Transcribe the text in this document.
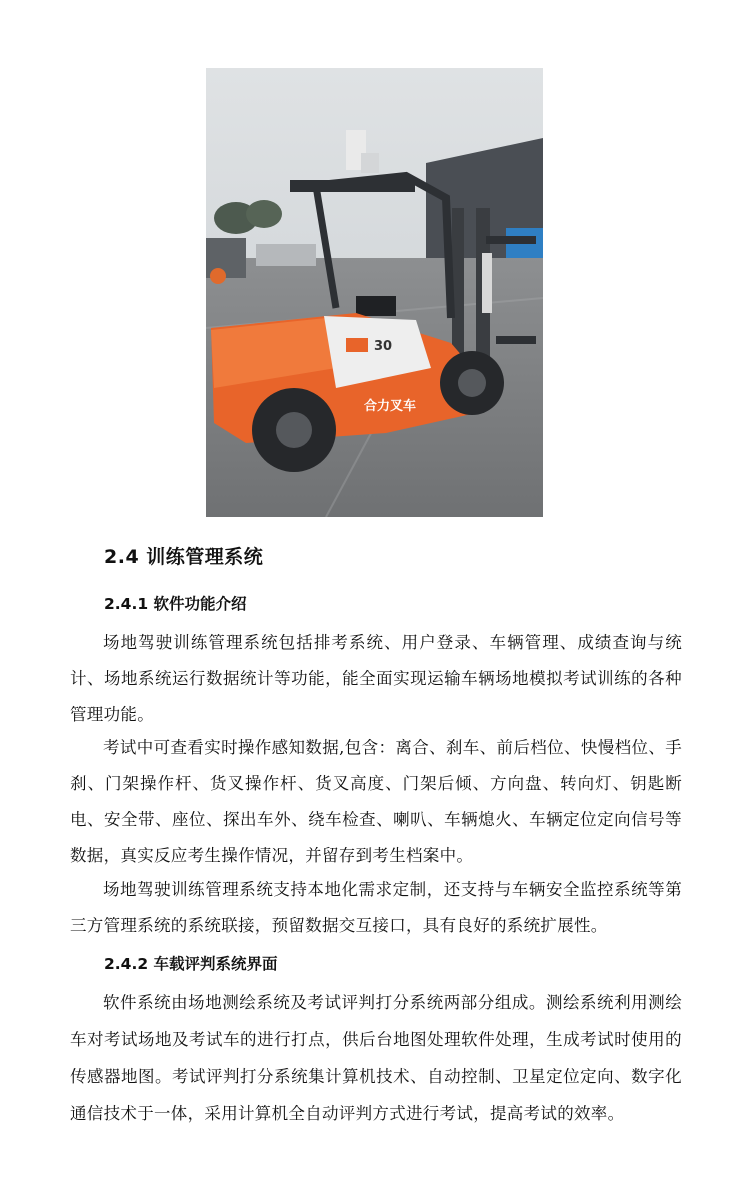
30
合力叉车
2.4 训练管理系统
2.4.1 软件功能介绍

场地驾驶训练管理系统包括排考系统、用户登录、车辆管理、成绩查询与统计、场地系统运行数据统计等功能，能全面实现运输车辆场地模拟考试训练的各种管理功能。

考试中可查看实时操作感知数据,包含：离合、刹车、前后档位、快慢档位、手刹、门架操作杆、货叉操作杆、货叉高度、门架后倾、方向盘、转向灯、钥匙断电、安全带、座位、探出车外、绕车检查、喇叭、车辆熄火、车辆定位定向信号等数据，真实反应考生操作情况，并留存到考生档案中。

场地驾驶训练管理系统支持本地化需求定制，还支持与车辆安全监控系统等第三方管理系统的系统联接，预留数据交互接口，具有良好的系统扩展性。

2.4.2 车载评判系统界面

软件系统由场地测绘系统及考试评判打分系统两部分组成。测绘系统利用测绘车对考试场地及考试车的进行打点，供后台地图处理软件处理，生成考试时使用的传感器地图。考试评判打分系统集计算机技术、自动控制、卫星定位定向、数字化通信技术于一体，采用计算机全自动评判方式进行考试，提高考试的效率。
